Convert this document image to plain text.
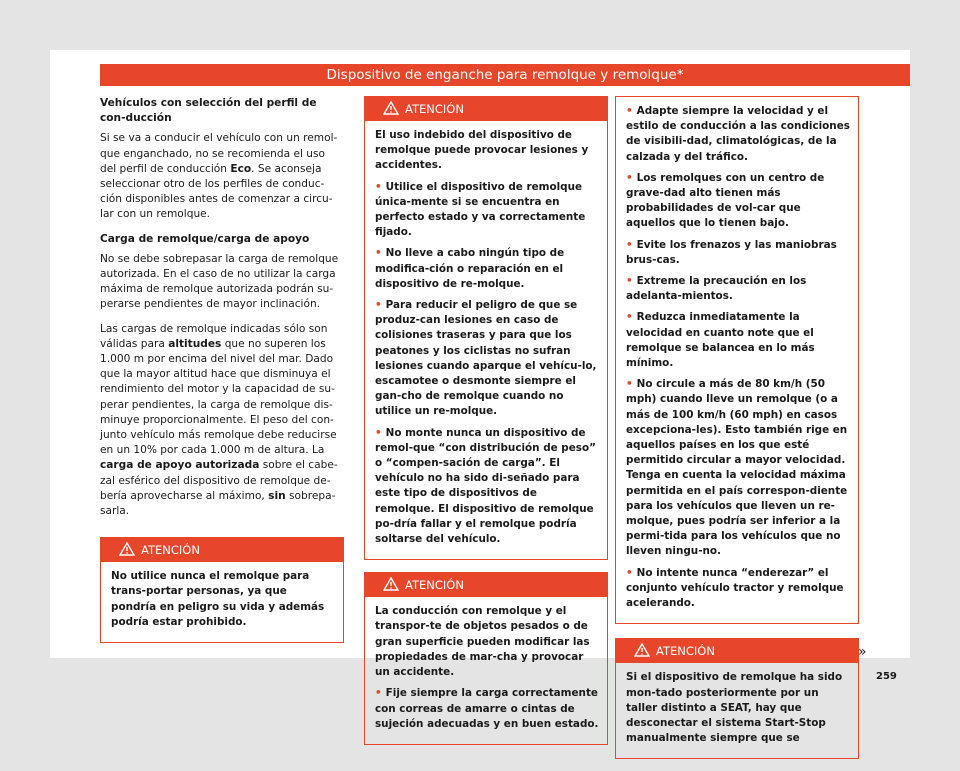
Dispositivo de enganche para remolque y remolque*
Vehículos con selección del perfil de con-ducción

Si se va a conducir el vehículo con un remol-que enganchado, no se recomienda el uso del perfil de conducción Eco. Se aconseja seleccionar otro de los perfiles de conduc-ción disponibles antes de comenzar a circu-lar con un remolque.

Carga de remolque/carga de apoyo

No se debe sobrepasar la carga de remolque autorizada. En el caso de no utilizar la carga máxima de remolque autorizada podrán su-perarse pendientes de mayor inclinación.

Las cargas de remolque indicadas sólo son válidas para altitudes que no superen los 1.000 m por encima del nivel del mar. Dado que la mayor altitud hace que disminuya el rendimiento del motor y la capacidad de su-perar pendientes, la carga de remolque dis-minuye proporcionalmente. El peso del con-junto vehículo más remolque debe reducirse en un 10% por cada 1.000 m de altura. La carga de apoyo autorizada sobre el cabe-zal esférico del dispositivo de remolque de-bería aprovecharse al máximo, sin sobrepa-sarla.

ATENCIÓN

No utilice nunca el remolque para trans-portar personas, ya que pondría en peligro su vida y además podría estar prohibido.

ATENCIÓN

El uso indebido del dispositivo de remolque puede provocar lesiones y accidentes.

• Utilice el dispositivo de remolque única-mente si se encuentra en perfecto estado y va correctamente fijado.

• No lleve a cabo ningún tipo de modifica-ción o reparación en el dispositivo de re-molque.

• Para reducir el peligro de que se produz-can lesiones en caso de colisiones traseras y para que los peatones y los ciclistas no sufran lesiones cuando aparque el vehícu-lo, escamotee o desmonte siempre el gan-cho de remolque cuando no utilice un re-molque.

• No monte nunca un dispositivo de remol-que “con distribución de peso” o “compen-sación de carga”. El vehículo no ha sido di-señado para este tipo de dispositivos de remolque. El dispositivo de remolque po-dría fallar y el remolque podría soltarse del vehículo.

ATENCIÓN

La conducción con remolque y el transpor-te de objetos pesados o de gran superficie pueden modificar las propiedades de mar-cha y provocar un accidente.

• Fije siempre la carga correctamente con correas de amarre o cintas de sujeción adecuadas y en buen estado.

• Adapte siempre la velocidad y el estilo de conducción a las condiciones de visibili-dad, climatológicas, de la calzada y del tráfico.

• Los remolques con un centro de grave-dad alto tienen más probabilidades de vol-car que aquellos que lo tienen bajo.

• Evite los frenazos y las maniobras brus-cas.

• Extreme la precaución en los adelanta-mientos.

• Reduzca inmediatamente la velocidad en cuanto note que el remolque se balancea en lo más mínimo.

• No circule a más de 80 km/h (50 mph) cuando lleve un remolque (o a más de 100 km/h (60 mph) en casos excepciona-les). Esto también rige en aquellos países en los que esté permitido circular a mayor velocidad. Tenga en cuenta la velocidad máxima permitida en el país correspon-diente para los vehículos que lleven un re-molque, pues podría ser inferior a la permi-tida para los vehículos que no lleven ningu-no.

• No intente nunca “enderezar” el conjunto vehículo tractor y remolque acelerando.

ATENCIÓN

Si el dispositivo de remolque ha sido mon-tado posteriormente por un taller distinto a SEAT, hay que desconectar el sistema Start-Stop manualmente siempre que se

»
259
